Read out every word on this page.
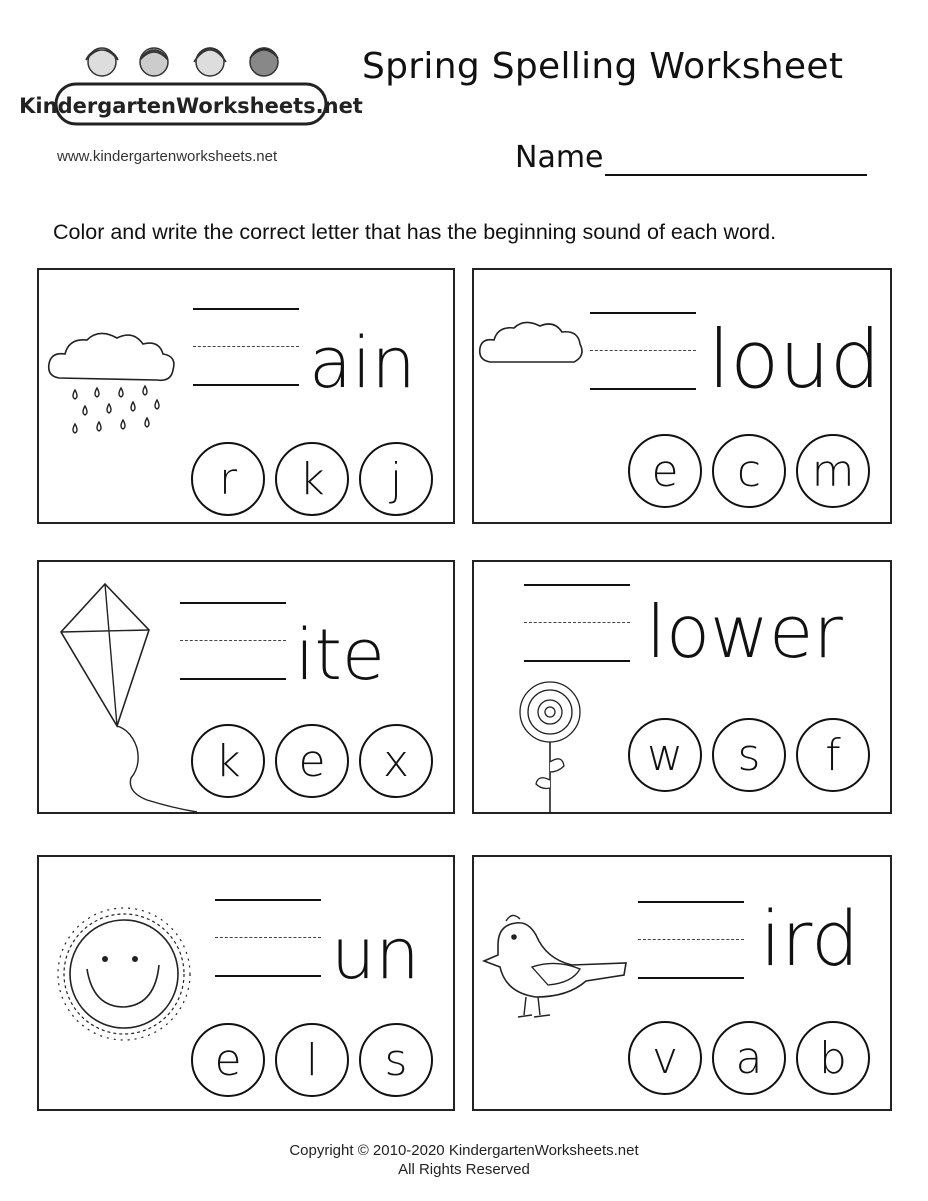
KindergartenWorksheets.net
www.kindergartenworksheets.net
Spring Spelling Worksheet
Name
Color and write the correct letter that has the beginning sound of each word.
ain
r	k	j
loud
e	c	m
ite
k	e	x
lower
w	s	f
un
e	l	s
ird
v	a	b
Copyright © 2010-2020 KindergartenWorksheets.net
All Rights Reserved
